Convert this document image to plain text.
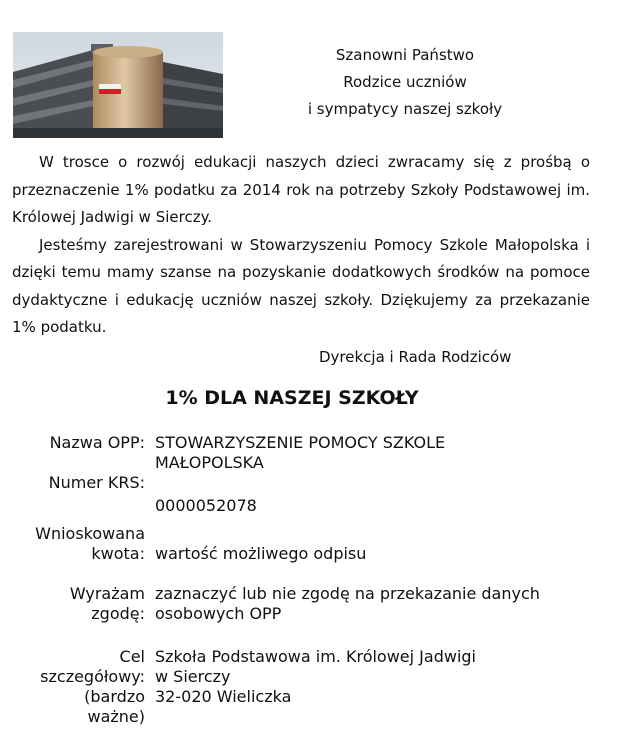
Szanowni Państwo
Rodzice uczniów
i sympatycy naszej szkoły

W trosce o rozwój edukacji naszych dzieci zwracamy się z prośbą o przeznaczenie 1% podatku za 2014 rok na potrzeby Szkoły Podstawowej im. Królowej Jadwigi w Sierczy.

Jesteśmy zarejestrowani w Stowarzyszeniu Pomocy Szkole Małopolska i dzięki temu mamy szanse na pozyskanie dodatkowych środków na pomoce dydaktyczne i edukację uczniów naszej szkoły. Dziękujemy za przekazanie 1% podatku.

Dyrekcja i Rada Rodziców
1% DLA NASZEJ SZKOŁY
Nazwa OPP: STOWARZYSZENIE POMOCY SZKOLE
MAŁOPOLSKA
Numer KRS:
0000052078
Wnioskowana
kwota: wartość możliwego odpisu
Wyrażam
zgodę:
zaznaczyć lub nie zgodę na przekazanie danych
osobowych OPP
Cel
szczegółowy:
(bardzo
ważne)
Szkoła Podstawowa im. Królowej Jadwigi
w Sierczy
32-020 Wieliczka
